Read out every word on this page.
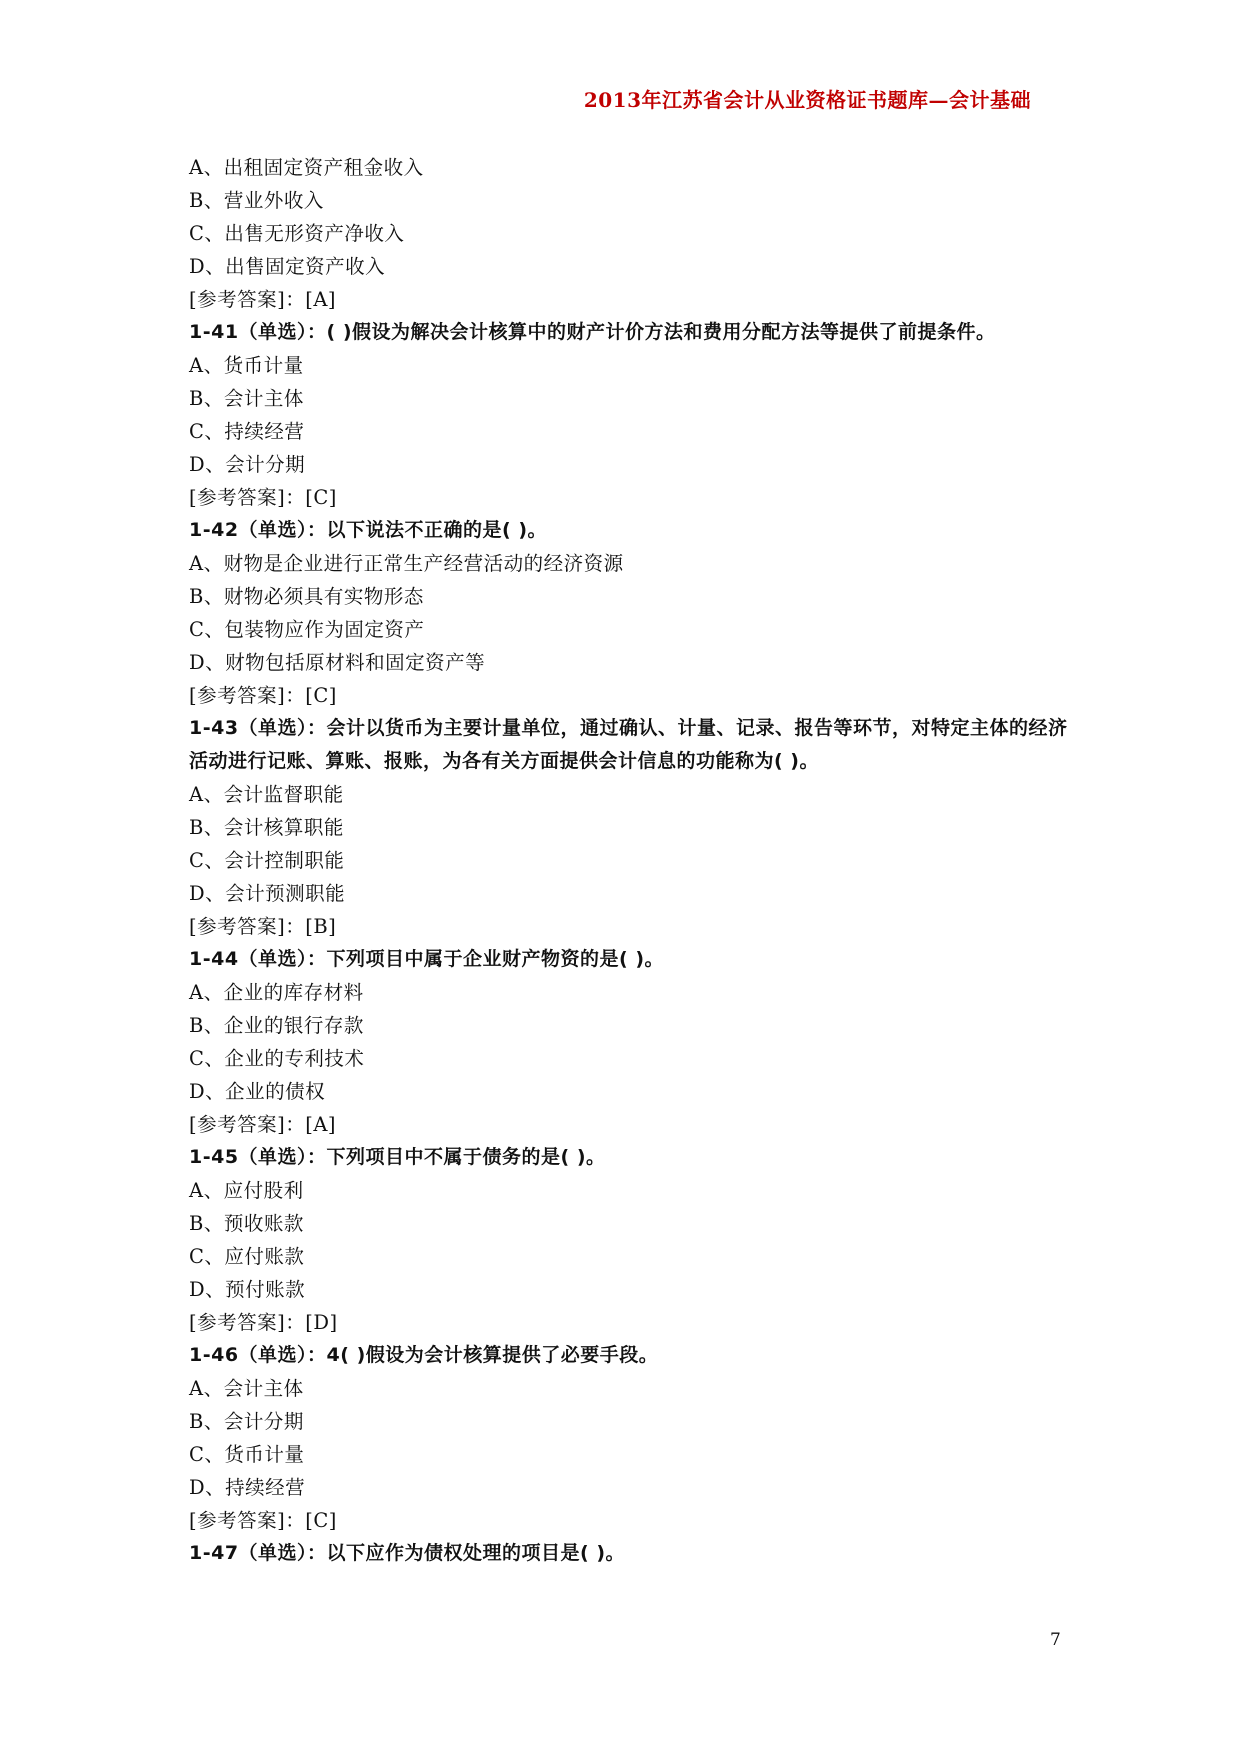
2013年江苏省会计从业资格证书题库—会计基础
A、出租固定资产租金收入
B、营业外收入
C、出售无形资产净收入
D、出售固定资产收入
[参考答案]：[A]
1-41（单选）：( )假设为解决会计核算中的财产计价方法和费用分配方法等提供了前提条件。
A、货币计量
B、会计主体
C、持续经营
D、会计分期
[参考答案]：[C]
1-42（单选）：以下说法不正确的是( )。
A、财物是企业进行正常生产经营活动的经济资源
B、财物必须具有实物形态
C、包装物应作为固定资产
D、财物包括原材料和固定资产等
[参考答案]：[C]
1-43（单选）：会计以货币为主要计量单位，通过确认、计量、记录、报告等环节，对特定主体的经济活动进行记账、算账、报账，为各有关方面提供会计信息的功能称为( )。
A、会计监督职能
B、会计核算职能
C、会计控制职能
D、会计预测职能
[参考答案]：[B]
1-44（单选）：下列项目中属于企业财产物资的是( )。
A、企业的库存材料
B、企业的银行存款
C、企业的专利技术
D、企业的债权
[参考答案]：[A]
1-45（单选）：下列项目中不属于债务的是( )。
A、应付股利
B、预收账款
C、应付账款
D、预付账款
[参考答案]：[D]
1-46（单选）：4( )假设为会计核算提供了必要手段。
A、会计主体
B、会计分期
C、货币计量
D、持续经营
[参考答案]：[C]
1-47（单选）：以下应作为债权处理的项目是( )。
7
